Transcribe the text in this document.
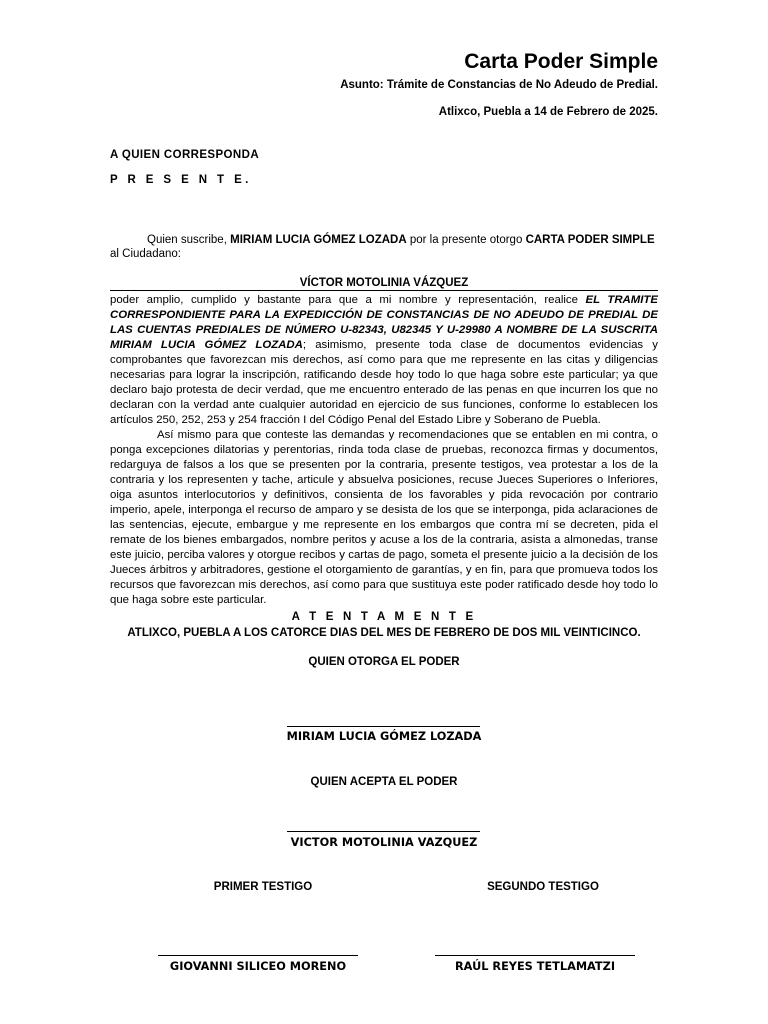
Carta Poder Simple
Asunto: Trámite de Constancias de No Adeudo de Predial.
Atlixco, Puebla a 14 de Febrero de 2025.
A QUIEN CORRESPONDA
P R E S E N T E.
Quien suscribe, MIRIAM LUCIA GÓMEZ LOZADA por la presente otorgo CARTA PODER SIMPLE al Ciudadano:
VÍCTOR MOTOLINIA VÁZQUEZ

poder amplio, cumplido y bastante para que a mi nombre y representación, realice EL TRAMITE CORRESPONDIENTE PARA LA EXPEDICCIÓN DE CONSTANCIAS DE NO ADEUDO DE PREDIAL DE LAS CUENTAS PREDIALES DE NÚMERO U-82343, U82345 Y U-29980 A NOMBRE DE LA SUSCRITA MIRIAM LUCIA GÓMEZ LOZADA; asimismo, presente toda clase de documentos evidencias y comprobantes que favorezcan mis derechos, así como para que me represente en las citas y diligencias necesarias para lograr la inscripción, ratificando desde hoy todo lo que haga sobre este particular; ya que declaro bajo protesta de decir verdad, que me encuentro enterado de las penas en que incurren los que no declaran con la verdad ante cualquier autoridad en ejercicio de sus funciones, conforme lo establecen los artículos 250, 252, 253 y 254 fracción I del Código Penal del Estado Libre y Soberano de Puebla.

Así mismo para que conteste las demandas y recomendaciones que se entablen en mi contra, o ponga excepciones dilatorias y perentorias, rinda toda clase de pruebas, reconozca firmas y documentos, redarguya de falsos a los que se presenten por la contraria, presente testigos, vea protestar a los de la contraria y los representen y tache, articule y absuelva posiciones, recuse Jueces Superiores o Inferiores, oiga asuntos interlocutorios y definitivos, consienta de los favorables y pida revocación por contrario imperio, apele, interponga el recurso de amparo y se desista de los que se interponga, pida aclaraciones de las sentencias, ejecute, embargue y me represente en los embargos que contra mí se decreten, pida el remate de los bienes embargados, nombre peritos y acuse a los de la contraria, asista a almonedas, transe este juicio, perciba valores y otorgue recibos y cartas de pago, someta el presente juicio a la decisión de los Jueces árbitros y arbitradores, gestione el otorgamiento de garantías, y en fin, para que promueva todos los recursos que favorezcan mis derechos, así como para que sustituya este poder ratificado desde hoy todo lo que haga sobre este particular.

A T E N T A M E N T E
ATLIXCO, PUEBLA A LOS CATORCE DIAS DEL MES DE FEBRERO DE DOS MIL VEINTICINCO.
QUIEN OTORGA EL PODER
MIRIAM LUCIA GÓMEZ LOZADA
QUIEN ACEPTA EL PODER
VICTOR MOTOLINIA VAZQUEZ
PRIMER TESTIGO	SEGUNDO TESTIGO
GIOVANNI SILICEO MORENO	RAÚL REYES TETLAMATZI
